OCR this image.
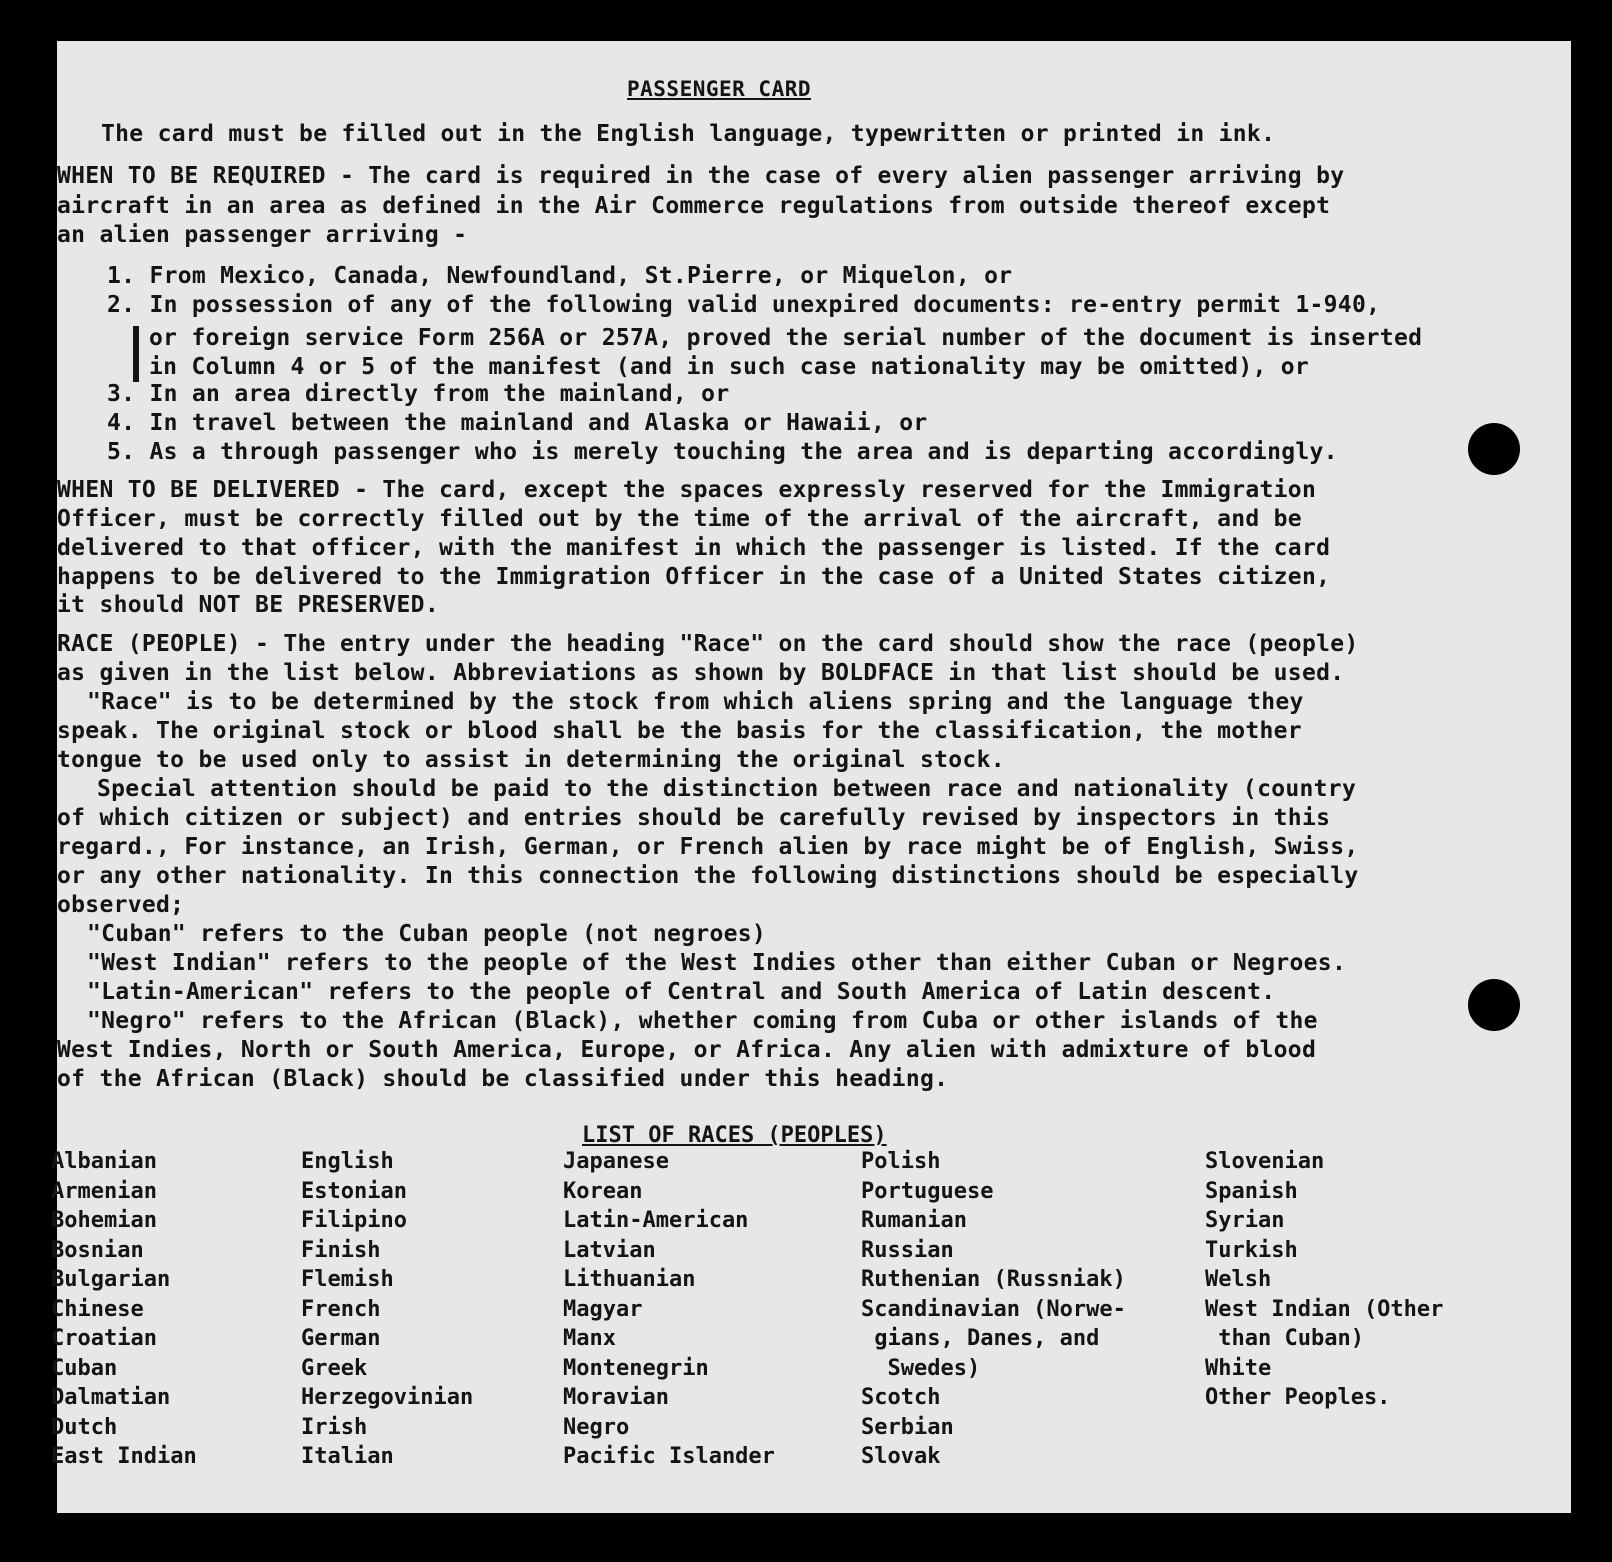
PASSENGER CARD
The card must be filled out in the English language, typewritten or printed in ink.
WHEN TO BE REQUIRED - The card is required in the case of every alien passenger arriving by
aircraft in an area as defined in the Air Commerce regulations from outside thereof except
an alien passenger arriving -
1. From Mexico, Canada, Newfoundland, St.Pierre, or Miquelon, or
2. In possession of any of the following valid unexpired documents: re-entry permit 1-940,
or foreign service Form 256A or 257A, proved the serial number of the document is inserted
in Column 4 or 5 of the manifest (and in such case nationality may be omitted), or
3. In an area directly from the mainland, or
4. In travel between the mainland and Alaska or Hawaii, or
5. As a through passenger who is merely touching the area and is departing accordingly.
WHEN TO BE DELIVERED - The card, except the spaces expressly reserved for the Immigration
Officer, must be correctly filled out by the time of the arrival of the aircraft, and be
delivered to that officer, with the manifest in which the passenger is listed. If the card
happens to be delivered to the Immigration Officer in the case of a United States citizen,
it should NOT BE PRESERVED.
RACE (PEOPLE) - The entry under the heading "Race" on the card should show the race (people)
as given in the list below. Abbreviations as shown by BOLDFACE in that list should be used.
"Race" is to be determined by the stock from which aliens spring and the language they
speak. The original stock or blood shall be the basis for the classification, the mother
tongue to be used only to assist in determining the original stock.
Special attention should be paid to the distinction between race and nationality (country
of which citizen or subject) and entries should be carefully revised by inspectors in this
regard., For instance, an Irish, German, or French alien by race might be of English, Swiss,
or any other nationality. In this connection the following distinctions should be especially
observed;
"Cuban" refers to the Cuban people (not negroes)
"West Indian" refers to the people of the West Indies other than either Cuban or Negroes.
"Latin-American" refers to the people of Central and South America of Latin descent.
"Negro" refers to the African (Black), whether coming from Cuba or other islands of the
West Indies, North or South America, Europe, or Africa. Any alien with admixture of blood
of the African (Black) should be classified under this heading.
LIST OF RACES (PEOPLES)
Albanian
Armenian
Bohemian
Bosnian
Bulgarian
Chinese
Croatian
Cuban
Dalmatian
Dutch
East Indian
English
Estonian
Filipino
Finish
Flemish
French
German
Greek
Herzegovinian
Irish
Italian
Japanese
Korean
Latin-American
Latvian
Lithuanian
Magyar
Manx
Montenegrin
Moravian
Negro
Pacific Islander
Polish
Portuguese
Rumanian
Russian
Ruthenian (Russniak)
Scandinavian (Norwe-
gians, Danes, and
Swedes)
Scotch
Serbian
Slovak
Slovenian
Spanish
Syrian
Turkish
Welsh
West Indian (Other
than Cuban)
White
Other Peoples.
